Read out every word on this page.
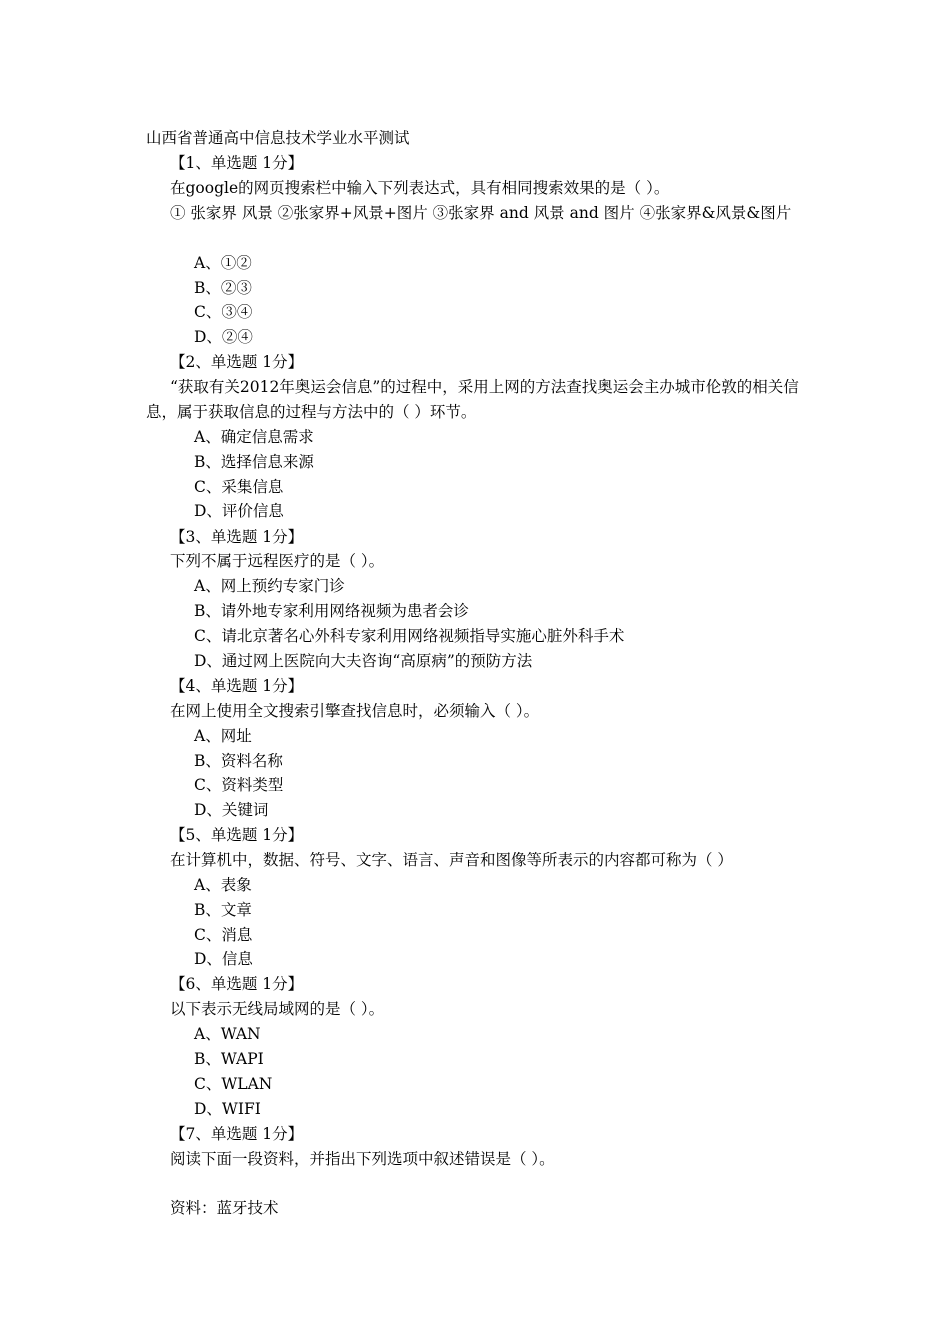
山西省普通高中信息技术学业水平测试
【1、单选题 1分】
在google的网页搜索栏中输入下列表达式，具有相同搜索效果的是（ ）。
① 张家界 风景 ②张家界+风景+图片 ③张家界 and 风景 and 图片 ④张家界&风景&图片
A、①②
B、②③
C、③④
D、②④
【2、单选题 1分】
“获取有关2012年奥运会信息”的过程中，采用上网的方法查找奥运会主办城市伦敦的相关信息，属于获取信息的过程与方法中的（ ）环节。
A、确定信息需求
B、选择信息来源
C、采集信息
D、评价信息
【3、单选题 1分】
下列不属于远程医疗的是（ ）。
A、网上预约专家门诊
B、请外地专家利用网络视频为患者会诊
C、请北京著名心外科专家利用网络视频指导实施心脏外科手术
D、通过网上医院向大夫咨询“高原病”的预防方法
【4、单选题 1分】
在网上使用全文搜索引擎查找信息时，必须输入（ ）。
A、网址
B、资料名称
C、资料类型
D、关键词
【5、单选题 1分】
在计算机中，数据、符号、文字、语言、声音和图像等所表示的内容都可称为（ ）
A、表象
B、文章
C、消息
D、信息
【6、单选题 1分】
以下表示无线局域网的是（ ）。
A、WAN
B、WAPI
C、WLAN
D、WIFI
【7、单选题 1分】
阅读下面一段资料，并指出下列选项中叙述错误是（ ）。
资料：蓝牙技术
